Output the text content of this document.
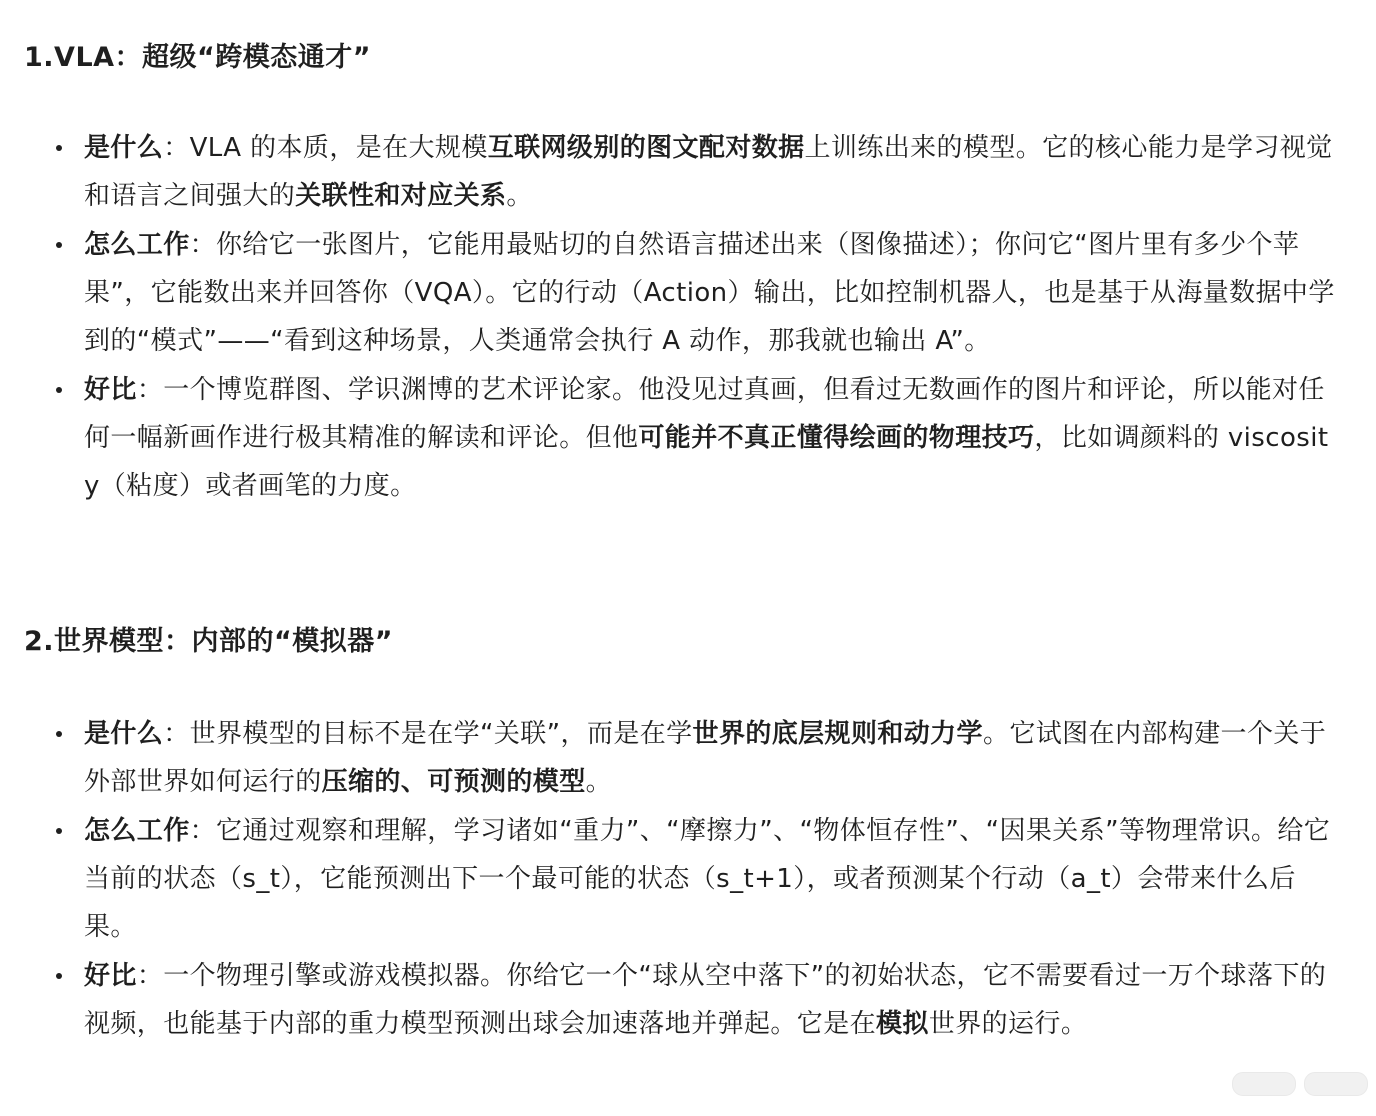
1.VLA：超级“跨模态通才”
是什么：VLA 的本质，是在大规模互联网级别的图文配对数据上训练出来的模型。它的核心能力是学习视觉和语言之间强大的关联性和对应关系。
怎么工作：你给它一张图片，它能用最贴切的自然语言描述出来（图像描述）；你问它“图片里有多少个苹果”，它能数出来并回答你（VQA）。它的行动（Action）输出，比如控制机器人，也是基于从海量数据中学到的“模式”——“看到这种场景，人类通常会执行 A 动作，那我就也输出 A”。
好比：一个博览群图、学识渊博的艺术评论家。他没见过真画，但看过无数画作的图片和评论，所以能对任何一幅新画作进行极其精准的解读和评论。但他可能并不真正懂得绘画的物理技巧，比如调颜料的 viscosity（粘度）或者画笔的力度。
2.世界模型：内部的“模拟器”
是什么：世界模型的目标不是在学“关联”，而是在学世界的底层规则和动力学。它试图在内部构建一个关于外部世界如何运行的压缩的、可预测的模型。
怎么工作：它通过观察和理解，学习诸如“重力”、“摩擦力”、“物体恒存性”、“因果关系”等物理常识。给它当前的状态（s_t），它能预测出下一个最可能的状态（s_t+1），或者预测某个行动（a_t）会带来什么后果。
好比：一个物理引擎或游戏模拟器。你给它一个“球从空中落下”的初始状态，它不需要看过一万个球落下的视频，也能基于内部的重力模型预测出球会加速落地并弹起。它是在模拟世界的运行。
